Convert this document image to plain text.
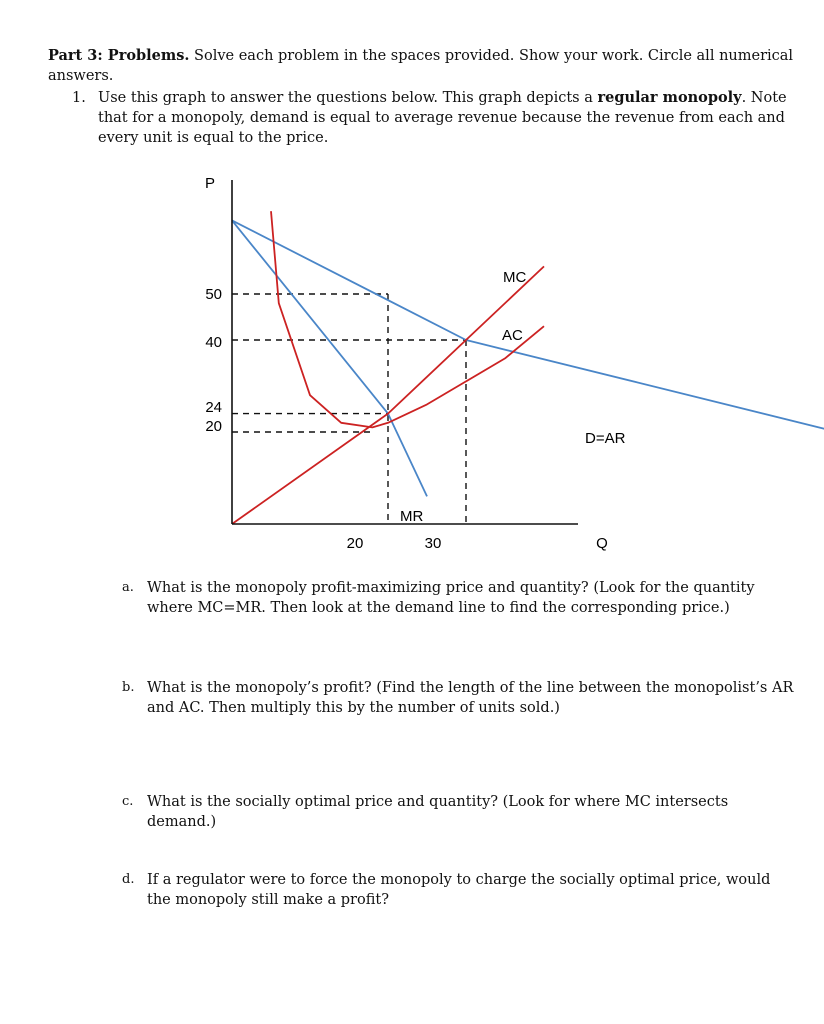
Part 3: Problems. Solve each problem in the spaces provided. Show your work. Circle all numerical answers.
1. Use this graph to answer the questions below. This graph depicts a regular monopoly. Note that for a monopoly, demand is equal to average revenue because the revenue from each and every unit is equal to the price.
P
Q
50
40
24
20
20	30
MC
AC
D=AR
MR
a. What is the monopoly profit-maximizing price and quantity? (Look for the quantity where MC=MR. Then look at the demand line to find the corresponding price.)
b. What is the monopoly’s profit? (Find the length of the line between the monopolist’s AR and AC. Then multiply this by the number of units sold.)
c. What is the socially optimal price and quantity? (Look for where MC intersects demand.)
d. If a regulator were to force the monopoly to charge the socially optimal price, would the monopoly still make a profit?
